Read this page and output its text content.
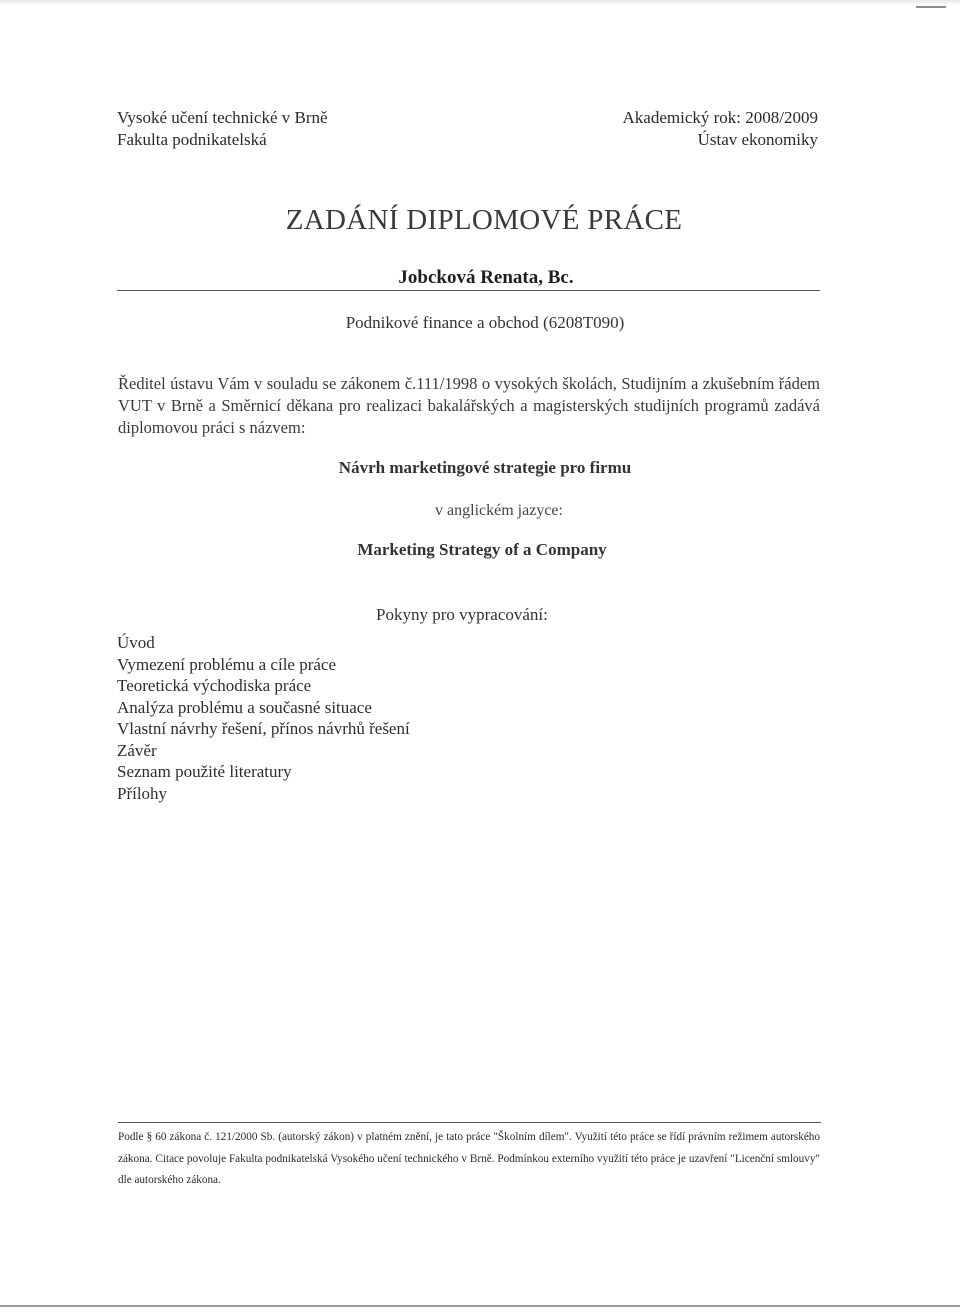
Vysoké učení technické v Brně
Fakulta podnikatelská
Akademický rok: 2008/2009
Ústav ekonomiky
ZADÁNÍ DIPLOMOVÉ PRÁCE
Jobcková Renata, Bc.
Podnikové finance a obchod (6208T090)
Ředitel ústavu Vám v souladu se zákonem č.111/1998 o vysokých školách, Studijním a zkušebním řádem VUT v Brně a Směrnicí děkana pro realizaci bakalářských a magisterských studijních programů zadává diplomovou práci s názvem:
Návrh marketingové strategie pro firmu
v anglickém jazyce:
Marketing Strategy of a Company
Pokyny pro vypracování:
Úvod
Vymezení problému a cíle práce
Teoretická východiska práce
Analýza problému a současné situace
Vlastní návrhy řešení, přínos návrhů řešení
Závěr
Seznam použité literatury
Přílohy
Podle § 60 zákona č. 121/2000 Sb. (autorský zákon) v platném znění, je tato práce "Školním dílem". Využití této práce se řídí právním režimem autorského zákona. Citace povoluje Fakulta podnikatelská Vysokého učení technického v Brně. Podmínkou externího využití této práce je uzavření "Licenční smlouvy" dle autorského zákona.
